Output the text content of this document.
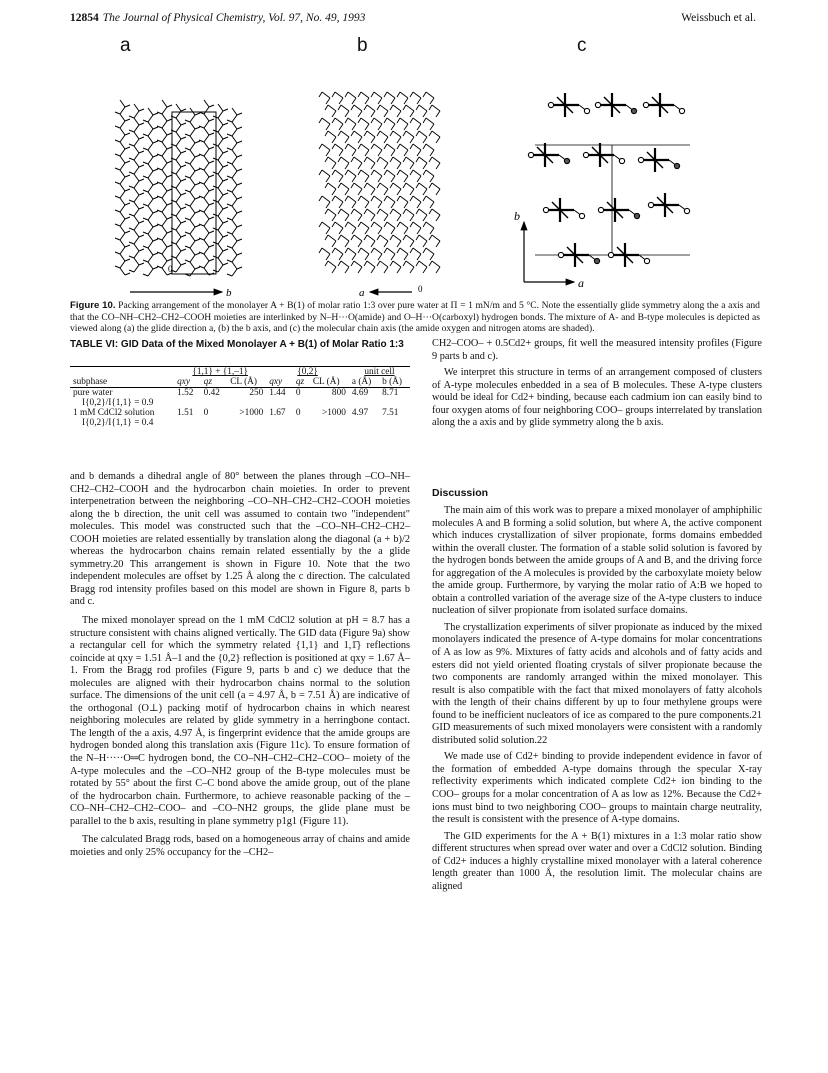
12854 The Journal of Physical Chemistry, Vol. 97, No. 49, 1993	Weissbuch et al.
a	b	c
b
0
a	0
b
a
Figure 10. Packing arrangement of the monolayer A + B(1) of molar ratio 1:3 over pure water at Π = 1 mN/m and 5 °C. Note the essentially glide symmetry along the a axis and that the CO–NH–CH2–CH2–COOH moieties are interlinked by N–H···O(amide) and O–H···O(carboxyl) hydrogen bonds. The mixture of A- and B-type molecules is depicted as viewed along (a) the glide direction a, (b) the b axis, and (c) the molecular chain axis (the amide oxygen and nitrogen atoms are shaded).
TABLE VI: GID Data of the Mixed Monolayer A + B(1) of Molar Ratio 1:3

	{1,1} + {1,–1}			{0,2}			unit cell	
subphase	qxy	qz	CL (Å)	qxy	qz	CL (Å)	a (Å)	b (Å)

pure water	1.52	0.42	250	1.44	0	800	4.69	8.71
I{0,2}/I{1,1} = 0.9								
1 mM CdCl2 solution	1.51	0	>1000	1.67	0	>1000	4.97	7.51
I{0,2}/I{1,1} = 0.4								

and b demands a dihedral angle of 80° between the planes through –CO–NH–CH2–CH2–COOH and the hydrocarbon chain moieties. In order to prevent interpenetration between the neighboring –CO–NH–CH2–CH2–COOH moieties along the b direction, the unit cell was assumed to contain two "independent" molecules. This model was constructed such that the –CO–NH–CH2–CH2–COOH moieties are related essentially by translation along the diagonal (a + b)/2 whereas the hydrocarbon chains remain related essentially by the a glide symmetry.20 This arrangement is shown in Figure 10. Note that the two independent molecules are offset by 1.25 Å along the c direction. The calculated Bragg rod intensity profiles based on this model are shown in Figure 8, parts b and c.

The mixed monolayer spread on the 1 mM CdCl2 solution at pH = 8.7 has a structure consistent with chains aligned vertically. The GID data (Figure 9a) show a rectangular cell for which the symmetry related {1,1} and 1,1̄} reflections coincide at qxy = 1.51 Å–1 and the {0,2} reflection is positioned at qxy = 1.67 Å–1. From the Bragg rod profiles (Figure 9, parts b and c) we deduce that the molecules are aligned with their hydrocarbon chains normal to the solution surface. The dimensions of the unit cell (a = 4.97 Å, b = 7.51 Å) are indicative of the orthogonal (O⊥) packing motif of hydrocarbon chains in which nearest neighboring molecules are related by glide symmetry in a herringbone contact. The length of the a axis, 4.97 Å, is fingerprint evidence that the amide groups are hydrogen bonded along this translation axis (Figure 11c). To ensure formation of the N–H·····O═C hydrogen bond, the CO–NH–CH2–CH2–COO– moiety of the A-type molecules and the –CO–NH2 group of the B-type molecules must be rotated by 55° about the first C–C bond above the amide group, out of the plane of the hydrocarbon chain. Furthermore, to achieve reasonable packing of the –CO–NH–CH2–CH2–COO– and –CO–NH2 groups, the glide plane must be parallel to the b axis, resulting in plane symmetry p1g1 (Figure 11).

The calculated Bragg rods, based on a homogeneous array of chains and amide moieties and only 25% occupancy for the –CH2–

CH2–COO– + 0.5Cd2+ groups, fit well the measured intensity profiles (Figure 9 parts b and c).

We interpret this structure in terms of an arrangement composed of clusters of A-type molecules enbedded in a sea of B molecules. These A-type clusters would be ideal for Cd2+ binding, because each cadmium ion can easily bind to four oxygen atoms of four neighboring COO– groups interrelated by translation along the a axis and by glide symmetry along the b axis.

Discussion

The main aim of this work was to prepare a mixed monolayer of amphiphilic molecules A and B forming a solid solution, but where A, the active component which induces crystallization of silver propionate, forms domains embedded within the overall cluster. The formation of a stable solid solution is favored by the hydrogen bonds between the amide groups of A and B, and the driving force for aggregation of the A molecules is provided by the carboxylate moiety below the amide group. Furthermore, by varying the molar ratio of A:B we hoped to obtain a controlled variation of the average size of the A-type clusters to induce nucleation of silver propionate from isolated surface domains.

The crystallization experiments of silver propionate as induced by the mixed monolayers indicated the presence of A-type domains for molar concentrations of A as low as 9%. Mixtures of fatty acids and alcohols and of fatty acids and esters did not yield oriented floating crystals of silver propionate because the two components are randomly arranged within the mixed monolayer. This result is also compatible with the fact that mixed monolayers of fatty alcohols with the length of their chains different by up to four methylene groups were found to be inefficient nucleators of ice as compared to the pure components.21 GID measurements of such mixed monolayers were consistent with a randomly distributed solid solution.22

We made use of Cd2+ binding to provide independent evidence in favor of the formation of embedded A-type domains through the specular X-ray reflectivity experiments which indicated complete Cd2+ ion binding to the COO– groups for a molar concentration of A as low as 12%. Because the Cd2+ ions must bind to two neighboring COO– groups to maintain charge neutrality, the result is consistent with the presence of A-type domains.

The GID experiments for the A + B(1) mixtures in a 1:3 molar ratio show different structures when spread over water and over a CdCl2 solution. Binding of Cd2+ induces a highly crystalline mixed monolayer with a lateral coherence length greater than 1000 Å, the resolution limit. The molecular chains are aligned
